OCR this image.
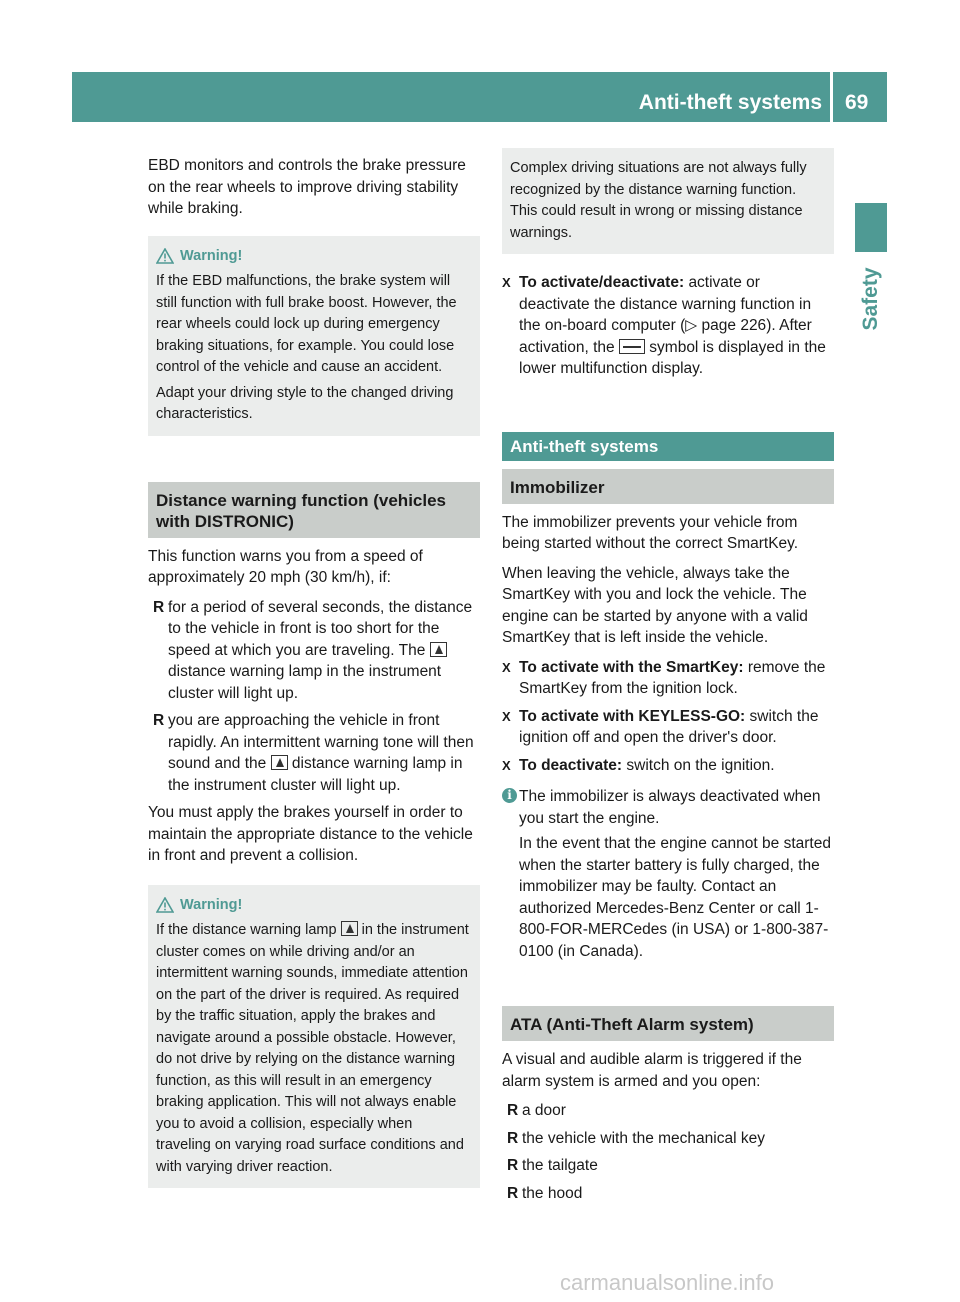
Anti-theft systems 69
Safety

EBD monitors and controls the brake pressure on the rear wheels to improve driving stability while braking.

Warning!

If the EBD malfunctions, the brake system will still function with full brake boost. However, the rear wheels could lock up during emergency braking situations, for example. You could lose control of the vehicle and cause an accident.

Adapt your driving style to the changed driving characteristics.

Distance warning function (vehicles with DISTRONIC)

This function warns you from a speed of approximately 20 mph (30 km/h), if:

R for a period of several seconds, the distance to the vehicle in front is too short for the speed at which you are traveling. The  distance warning lamp in the instrument cluster will light up.
R you are approaching the vehicle in front rapidly. An intermittent warning tone will then sound and the distance warning lamp in the instrument cluster will light up.

You must apply the brakes yourself in order to maintain the appropriate distance to the vehicle in front and prevent a collision.

Warning!

If the distance warning lamp in the instrument cluster comes on while driving and/or an intermittent warning sounds, immediate attention on the part of the driver is required. As required by the traffic situation, apply the brakes and navigate around a possible obstacle. However, do not drive by relying on the distance warning function, as this will result in an emergency braking application. This will not always enable you to avoid a collision, especially when traveling on varying road surface conditions and with varying driver reaction.

Complex driving situations are not always fully recognized by the distance warning function. This could result in wrong or missing distance warnings.
X To activate/deactivate: activate or deactivate the distance warning function in the on-board computer (▷ page 226). After activation, the symbol is displayed in the lower multifunction display.
Anti-theft systems
Immobilizer

The immobilizer prevents your vehicle from being started without the correct SmartKey.

When leaving the vehicle, always take the SmartKey with you and lock the vehicle. The engine can be started by anyone with a valid SmartKey that is left inside the vehicle.

X To activate with the SmartKey: remove the SmartKey from the ignition lock.
X To activate with KEYLESS-GO: switch the ignition off and open the driver's door.
X To deactivate: switch on the ignition.
i The immobilizer is always deactivated when you start the engine.

In the event that the engine cannot be started when the starter battery is fully charged, the immobilizer may be faulty. Contact an authorized Mercedes-Benz Center or call 1-800-FOR-MERCedes (in USA) or 1-800-387-0100 (in Canada).

ATA (Anti-Theft Alarm system)

A visual and audible alarm is triggered if the alarm system is armed and you open:

R a door
R the vehicle with the mechanical key
R the tailgate
R the hood
carmanualsonline.info
